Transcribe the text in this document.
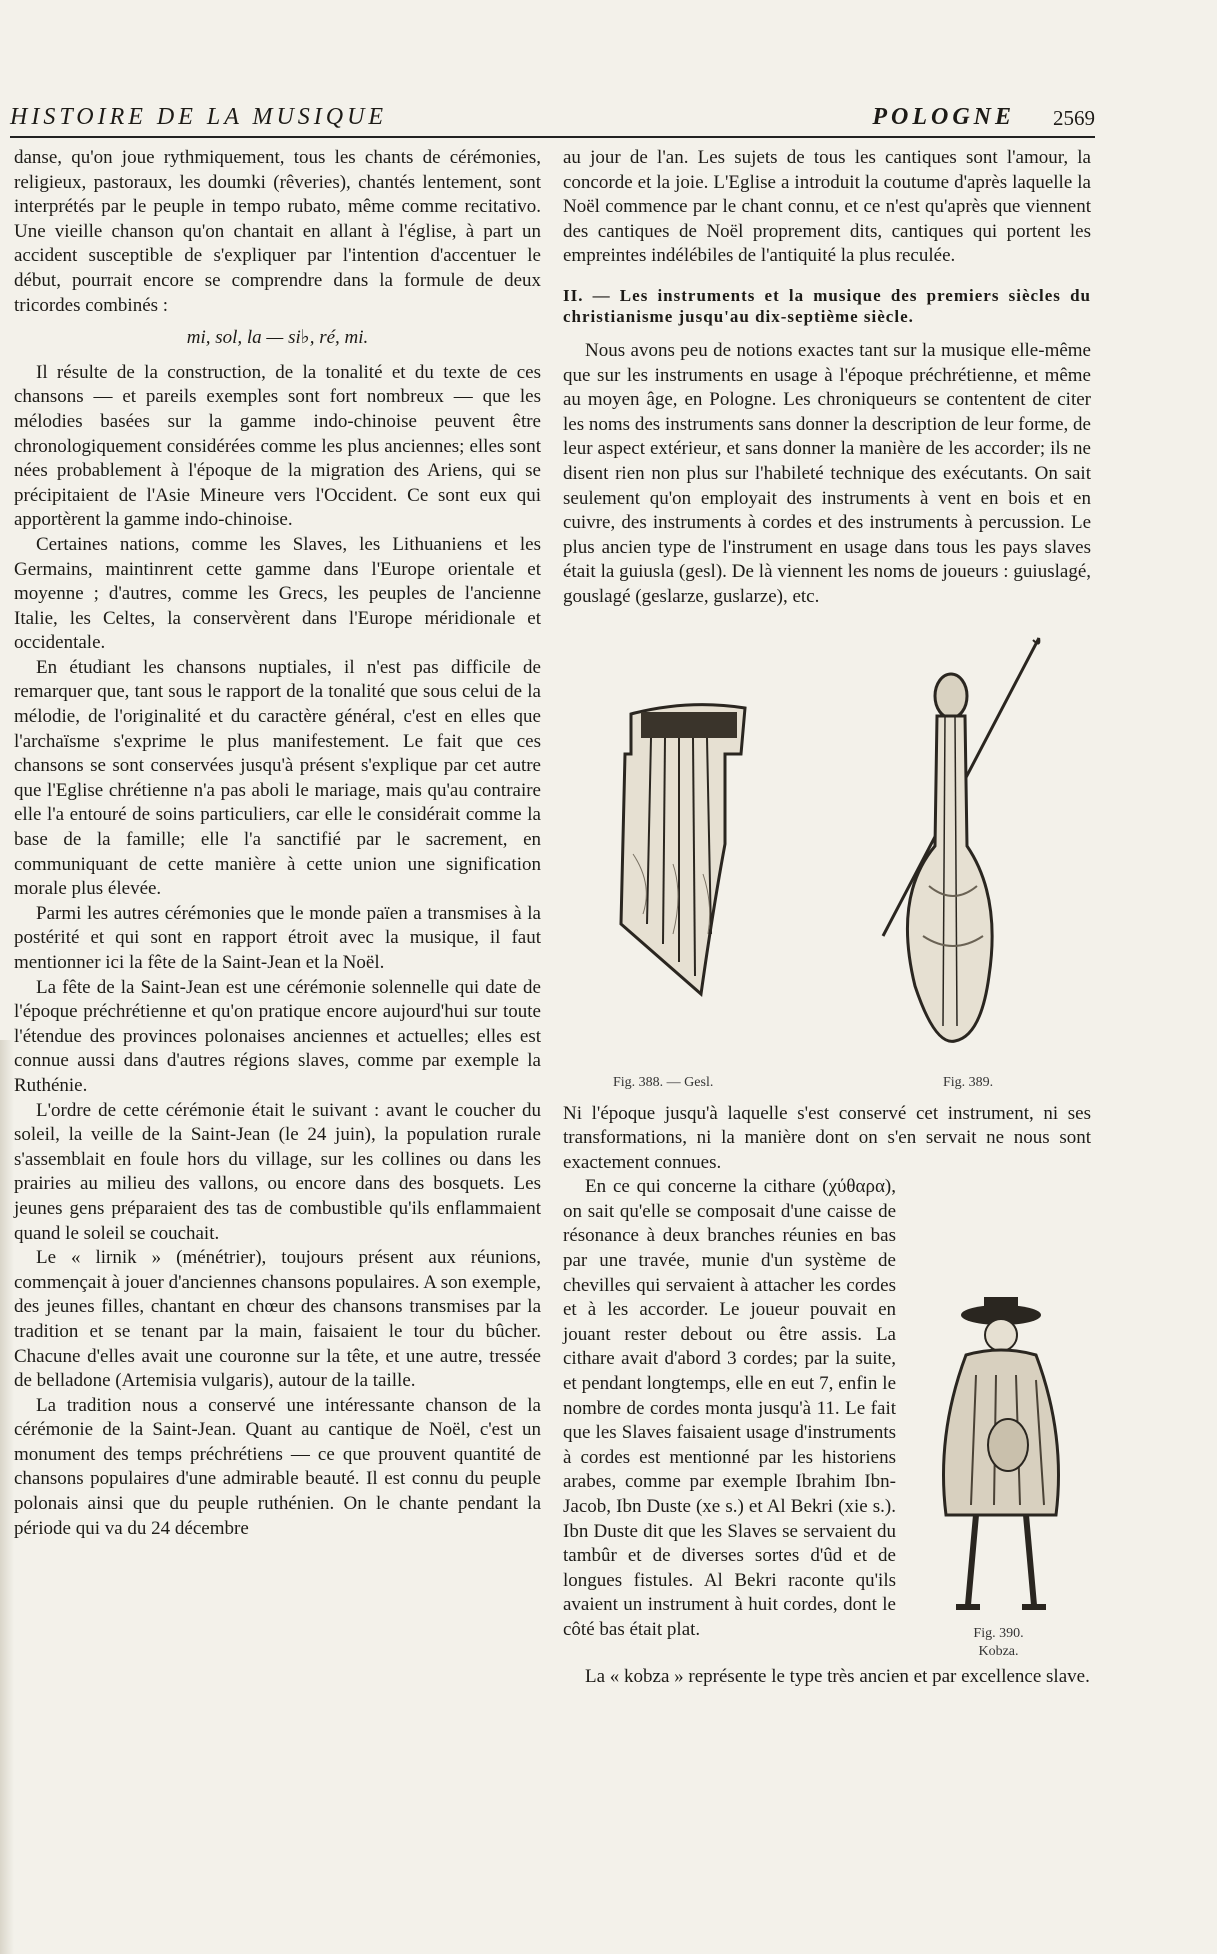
HISTOIRE DE LA MUSIQUE	POLOGNE 2569

danse, qu'on joue rythmiquement, tous les chants de cérémonies, religieux, pastoraux, les doumki (rêveries), chantés lentement, sont interprétés par le peuple in tempo rubato, même comme recitativo. Une vieille chanson qu'on chantait en allant à l'église, à part un accident susceptible de s'expliquer par l'intention d'accentuer le début, pourrait encore se comprendre dans la formule de deux tricordes combinés :

mi, sol, la — si♭, ré, mi.

Il résulte de la construction, de la tonalité et du texte de ces chansons — et pareils exemples sont fort nombreux — que les mélodies basées sur la gamme indo-chinoise peuvent être chronologiquement considérées comme les plus anciennes; elles sont nées probablement à l'époque de la migration des Ariens, qui se précipitaient de l'Asie Mineure vers l'Occident. Ce sont eux qui apportèrent la gamme indo-chinoise.

Certaines nations, comme les Slaves, les Lithuaniens et les Germains, maintinrent cette gamme dans l'Europe orientale et moyenne ; d'autres, comme les Grecs, les peuples de l'ancienne Italie, les Celtes, la conservèrent dans l'Europe méridionale et occidentale.

En étudiant les chansons nuptiales, il n'est pas difficile de remarquer que, tant sous le rapport de la tonalité que sous celui de la mélodie, de l'originalité et du caractère général, c'est en elles que l'archaïsme s'exprime le plus manifestement. Le fait que ces chansons se sont conservées jusqu'à présent s'explique par cet autre que l'Eglise chrétienne n'a pas aboli le mariage, mais qu'au contraire elle l'a entouré de soins particuliers, car elle le considérait comme la base de la famille; elle l'a sanctifié par le sacrement, en communiquant de cette manière à cette union une signification morale plus élevée.

Parmi les autres cérémonies que le monde païen a transmises à la postérité et qui sont en rapport étroit avec la musique, il faut mentionner ici la fête de la Saint-Jean et la Noël.

La fête de la Saint-Jean est une cérémonie solennelle qui date de l'époque préchrétienne et qu'on pratique encore aujourd'hui sur toute l'étendue des provinces polonaises anciennes et actuelles; elles est connue aussi dans d'autres régions slaves, comme par exemple la Ruthénie.

L'ordre de cette cérémonie était le suivant : avant le coucher du soleil, la veille de la Saint-Jean (le 24 juin), la population rurale s'assemblait en foule hors du village, sur les collines ou dans les prairies au milieu des vallons, ou encore dans des bosquets. Les jeunes gens préparaient des tas de combustible qu'ils enflammaient quand le soleil se couchait.

Le « lirnik » (ménétrier), toujours présent aux réunions, commençait à jouer d'anciennes chansons populaires. A son exemple, des jeunes filles, chantant en chœur des chansons transmises par la tradition et se tenant par la main, faisaient le tour du bûcher. Chacune d'elles avait une couronne sur la tête, et une autre, tressée de belladone (Artemisia vulgaris), autour de la taille.

La tradition nous a conservé une intéressante chanson de la cérémonie de la Saint-Jean. Quant au cantique de Noël, c'est un monument des temps préchrétiens — ce que prouvent quantité de chansons populaires d'une admirable beauté. Il est connu du peuple polonais ainsi que du peuple ruthénien. On le chante pendant la période qui va du 24 décembre

au jour de l'an. Les sujets de tous les cantiques sont l'amour, la concorde et la joie. L'Eglise a introduit la coutume d'après laquelle la Noël commence par le chant connu, et ce n'est qu'après que viennent des cantiques de Noël proprement dits, cantiques qui portent les empreintes indélébiles de l'antiquité la plus reculée.

II. — Les instruments et la musique des premiers siècles du christianisme jusqu'au dix-septième siècle.

Nous avons peu de notions exactes tant sur la musique elle-même que sur les instruments en usage à l'époque préchrétienne, et même au moyen âge, en Pologne. Les chroniqueurs se contentent de citer les noms des instruments sans donner la description de leur forme, de leur aspect extérieur, et sans donner la manière de les accorder; ils ne disent rien non plus sur l'habileté technique des exécutants. On sait seulement qu'on employait des instruments à vent en bois et en cuivre, des instruments à cordes et des instruments à percussion. Le plus ancien type de l'instrument en usage dans tous les pays slaves était la guiusla (gesl). De là viennent les noms de joueurs : guiuslagé, gouslagé (geslarze, guslarze), etc.

Fig. 388. — Gesl.	Fig. 389.

Ni l'époque jusqu'à laquelle s'est conservé cet instrument, ni ses transformations, ni la manière dont on s'en servait ne nous sont exactement connues.

Fig. 390.
Kobza.

En ce qui concerne la cithare (χύθαρα), on sait qu'elle se composait d'une caisse de résonance à deux branches réunies en bas par une travée, munie d'un système de chevilles qui servaient à attacher les cordes et à les accorder. Le joueur pouvait en jouant rester debout ou être assis. La cithare avait d'abord 3 cordes; par la suite, et pendant longtemps, elle en eut 7, enfin le nombre de cordes monta jusqu'à 11. Le fait que les Slaves faisaient usage d'instruments à cordes est mentionné par les historiens arabes, comme par exemple Ibrahim Ibn-Jacob, Ibn Duste (xe s.) et Al Bekri (xie s.). Ibn Duste dit que les Slaves se servaient du tambûr et de diverses sortes d'ûd et de longues fistules. Al Bekri raconte qu'ils avaient un instrument à huit cordes, dont le côté bas était plat.

La « kobza » représente le type très ancien et par excellence slave.
